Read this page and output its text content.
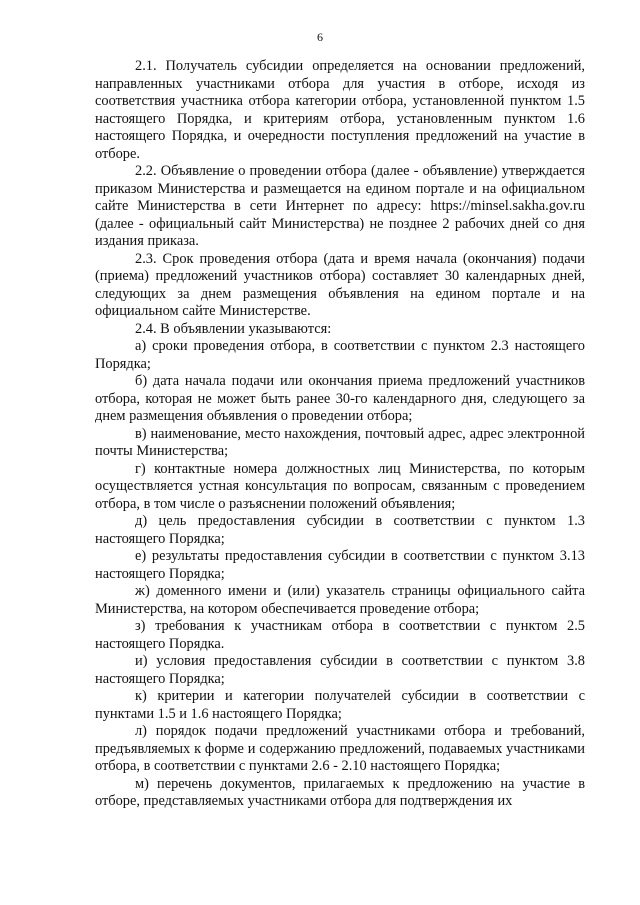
6

2.1. Получатель субсидии определяется на основании предложений, направленных участниками отбора для участия в отборе, исходя из соответствия участника отбора категории отбора, установленной пунктом 1.5 настоящего Порядка, и критериям отбора, установленным пунктом 1.6 настоящего Порядка, и очередности поступления предложений на участие в отборе.

2.2. Объявление о проведении отбора (далее - объявление) утверждается приказом Министерства и размещается на едином портале и на официальном сайте Министерства в сети Интернет по адресу: https://minsel.sakha.gov.ru (далее - официальный сайт Министерства) не позднее 2 рабочих дней со дня издания приказа.

2.3. Срок проведения отбора (дата и время начала (окончания) подачи (приема) предложений участников отбора) составляет 30 календарных дней, следующих за днем размещения объявления на едином портале и на официальном сайте Министерстве.

2.4. В объявлении указываются:

а) сроки проведения отбора, в соответствии с пунктом 2.3 настоящего Порядка;

б) дата начала подачи или окончания приема предложений участников отбора, которая не может быть ранее 30-го календарного дня, следующего за днем размещения объявления о проведении отбора;

в) наименование, место нахождения, почтовый адрес, адрес электронной почты Министерства;

г) контактные номера должностных лиц Министерства, по которым осуществляется устная консультация по вопросам, связанным с проведением отбора, в том числе о разъяснении положений объявления;

д) цель предоставления субсидии в соответствии с пунктом 1.3 настоящего Порядка;

е) результаты предоставления субсидии в соответствии с пунктом 3.13 настоящего Порядка;

ж) доменного имени и (или) указатель страницы официального сайта Министерства, на котором обеспечивается проведение отбора;

з) требования к участникам отбора в соответствии с пунктом 2.5 настоящего Порядка.

и) условия предоставления субсидии в соответствии с пунктом 3.8 настоящего Порядка;

к) критерии и категории получателей субсидии в соответствии с пунктами 1.5 и 1.6 настоящего Порядка;

л) порядок подачи предложений участниками отбора и требований, предъявляемых к форме и содержанию предложений, подаваемых участниками отбора, в соответствии с пунктами 2.6 - 2.10 настоящего Порядка;

м) перечень документов, прилагаемых к предложению на участие в отборе, представляемых участниками отбора для подтверждения их
